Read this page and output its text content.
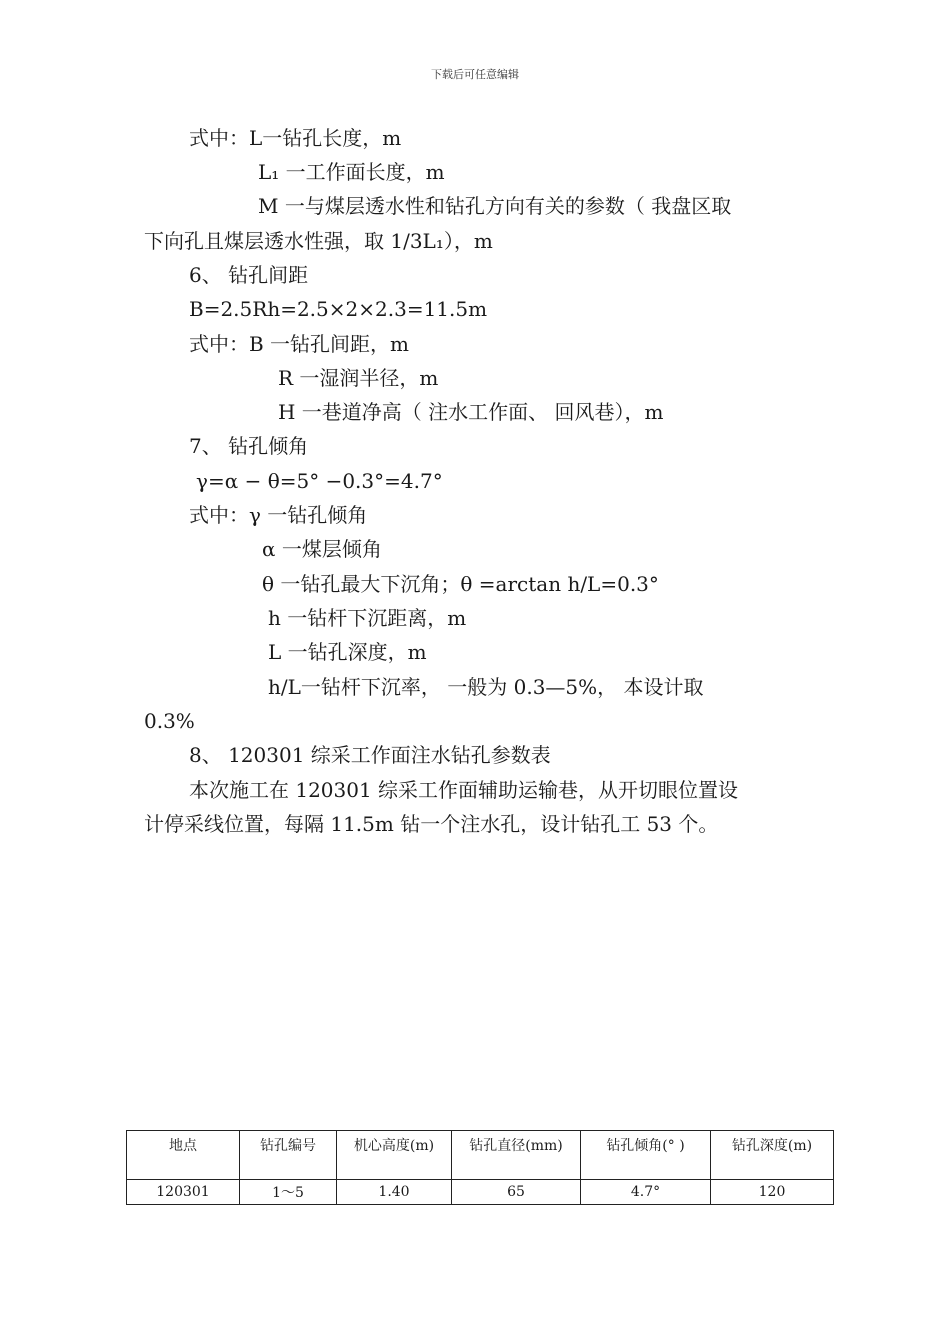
下载后可任意编辑
式中：L一钻孔长度，m
L₁ 一工作面长度，m
M 一与煤层透水性和钻孔方向有关的参数（ 我盘区取
下向孔且煤层透水性强，取 1/3L₁），m
6、 钻孔间距
B=2.5Rh=2.5×2×2.3=11.5m
式中：B 一钻孔间距，m
R 一湿润半径，m
H 一巷道净高（ 注水工作面、 回风巷），m
7、 钻孔倾角
γ=α − θ=5° −0.3°=4.7°
式中：γ 一钻孔倾角
α 一煤层倾角
θ 一钻孔最大下沉角；θ =arctan h/L=0.3°
h 一钻杆下沉距离，m
L 一钻孔深度，m
h/L一钻杆下沉率， 一般为 0.3—5%， 本设计取
0.3%
8、 120301 综采工作面注水钻孔参数表
本次施工在 120301 综采工作面辅助运输巷，从开切眼位置设
计停采线位置，每隔 11.5m 钻一个注水孔，设计钻孔工 53 个。
地点	钻孔编号	机心高度(m)	钻孔直径(mm)	钻孔倾角(° )	钻孔深度(m)
120301	1～5	1.40	65	4.7°	120
